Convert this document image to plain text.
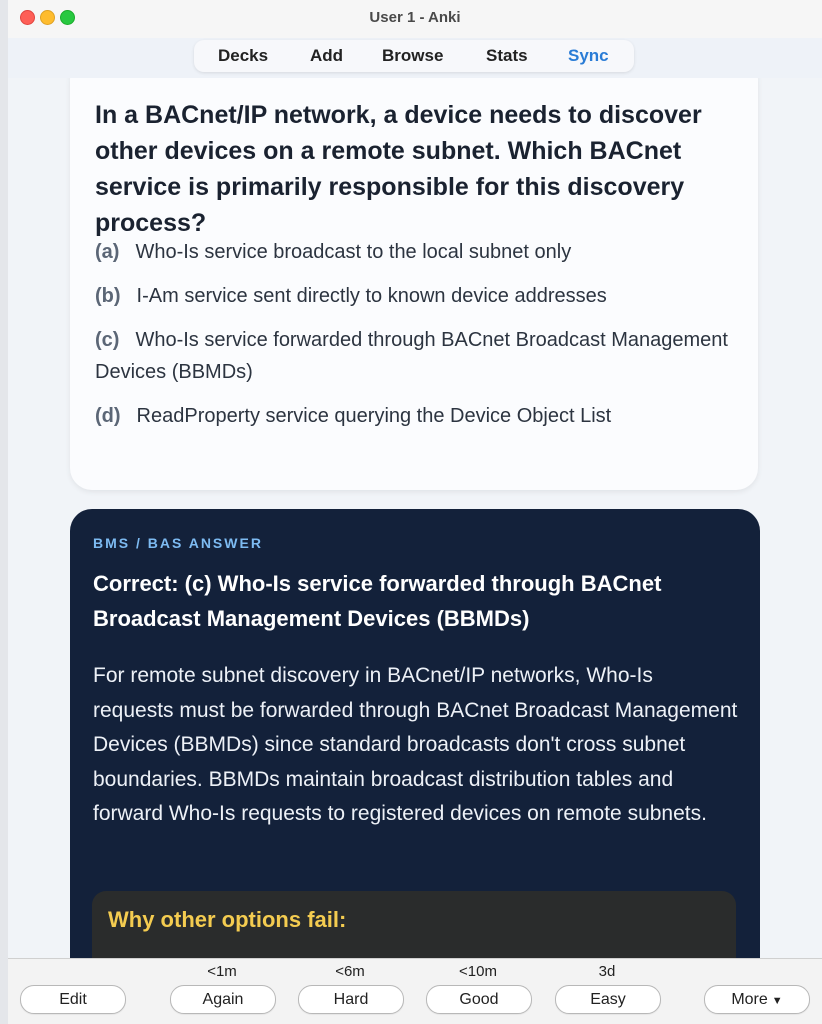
User 1 - Anki
Decks Add Browse	Stats Sync

In a BACnet/IP network, a device needs to discover other devices on a remote subnet. Which BACnet service is primarily responsible for this discovery process?

(a) Who-Is service broadcast to the local subnet only
(b) I-Am service sent directly to known device addresses
(c) Who-Is service forwarded through BACnet Broadcast Management Devices (BBMDs)
(d) ReadProperty service querying the Device Object List
BMS / BAS ANSWER
Correct: (c) Who-Is service forwarded through BACnet Broadcast Management Devices (BBMDs)
For remote subnet discovery in BACnet/IP networks, Who-Is requests must be forwarded through BACnet Broadcast Management Devices (BBMDs) since standard broadcasts don't cross subnet boundaries. BBMDs maintain broadcast distribution tables and forward Who-Is requests to registered devices on remote subnets.
Why other options fail:
Edit
<1m
Again
<6m
Hard
<10m
Good
3d
Easy	More ▼
